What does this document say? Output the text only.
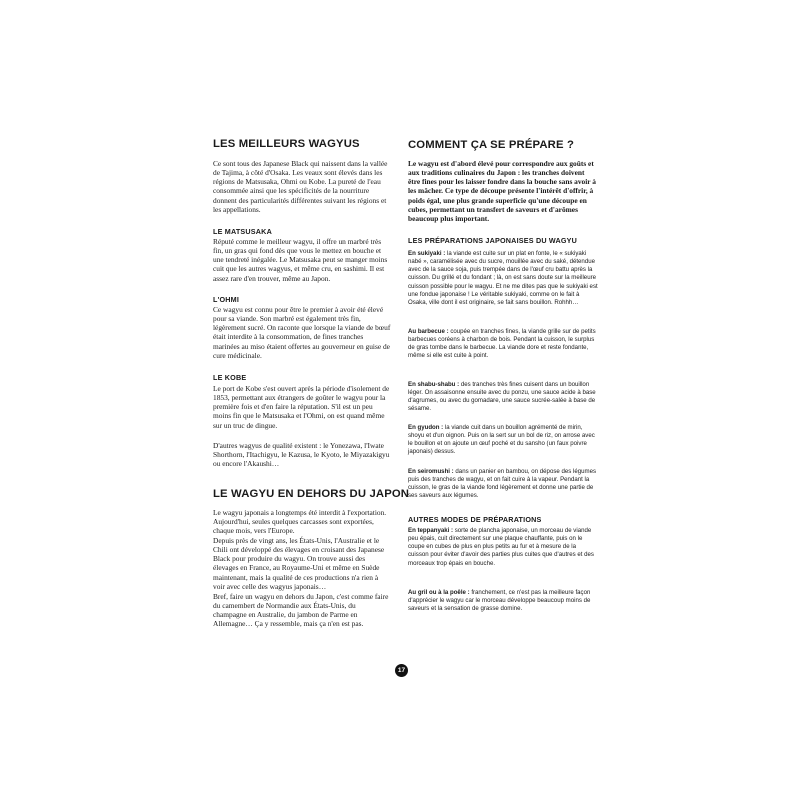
LES MEILLEURS WAGYUS

Ce sont tous des Japanese Black qui naissent dans la vallée de Tajima, à côté d'Osaka. Les veaux sont élevés dans les régions de Matsusaka, Ohmi ou Kobe. La pureté de l'eau consommée ainsi que les spécificités de la nourriture donnent des particularités différentes suivant les régions et les appellations.

LE MATSUSAKA

Réputé comme le meilleur wagyu, il offre un marbré très fin, un gras qui fond dès que vous le mettez en bouche et une tendreté inégalée. Le Matsusaka peut se manger moins cuit que les autres wagyus, et même cru, en sashimi. Il est assez rare d'en trouver, même au Japon.

L'OHMI

Ce wagyu est connu pour être le premier à avoir été élevé pour sa viande. Son marbré est également très fin, légèrement sucré. On raconte que lorsque la viande de bœuf était interdite à la consommation, de fines tranches marinées au miso étaient offertes au gouverneur en guise de cure médicinale.

LE KOBE

Le port de Kobe s'est ouvert après la période d'isolement de 1853, permettant aux étrangers de goûter le wagyu pour la première fois et d'en faire la réputation. S'il est un peu moins fin que le Matsusaka et l'Ohmi, on est quand même sur un truc de dingue.

D'autres wagyus de qualité existent : le Yonezawa, l'Iwate Shorthorn, l'Itachigyu, le Kazusa, le Kyoto, le Miyazakigyu ou encore l'Akaushi…

LE WAGYU EN DEHORS DU JAPON

Le wagyu japonais a longtemps été interdit à l'exportation. Aujourd'hui, seules quelques carcasses sont exportées, chaque mois, vers l'Europe.

Depuis près de vingt ans, les États-Unis, l'Australie et le Chili ont développé des élevages en croisant des Japanese Black pour produire du wagyu. On trouve aussi des élevages en France, au Royaume-Uni et même en Suède maintenant, mais la qualité de ces productions n'a rien à voir avec celle des wagyus japonais…

Bref, faire un wagyu en dehors du Japon, c'est comme faire du camembert de Normandie aux États-Unis, du champagne en Australie, du jambon de Parme en Allemagne… Ça y ressemble, mais ça n'en est pas.

COMMENT ÇA SE PRÉPARE ?

Le wagyu est d'abord élevé pour correspondre aux goûts et aux traditions culinaires du Japon : les tranches doivent être fines pour les laisser fondre dans la bouche sans avoir à les mâcher. Ce type de découpe présente l'intérêt d'offrir, à poids égal, une plus grande superficie qu'une découpe en cubes, permettant un transfert de saveurs et d'arômes beaucoup plus important.

LES PRÉPARATIONS JAPONAISES DU WAGYU

En sukiyaki : la viande est cuite sur un plat en fonte, le « sukiyaki nabé », caramélisée avec du sucre, mouillée avec du saké, détendue avec de la sauce soja, puis trempée dans de l'œuf cru battu après la cuisson. Du grillé et du fondant ; là, on est sans doute sur la meilleure cuisson possible pour le wagyu. Et ne me dites pas que le sukiyaki est une fondue japonaise ! Le véritable sukiyaki, comme on le fait à Osaka, ville dont il est originaire, se fait sans bouillon. Rohhh…

Au barbecue : coupée en tranches fines, la viande grille sur de petits barbecues coréens à charbon de bois. Pendant la cuisson, le surplus de gras tombe dans le barbecue. La viande dore et reste fondante, même si elle est cuite à point.

En shabu-shabu : des tranches très fines cuisent dans un bouillon léger. On assaisonne ensuite avec du ponzu, une sauce acide à base d'agrumes, ou avec du gomadare, une sauce sucrée-salée à base de sésame.

En gyudon : la viande cuit dans un bouillon agrémenté de mirin, shoyu et d'un oignon. Puis on la sert sur un bol de riz, on arrose avec le bouillon et on ajoute un œuf poché et du sansho (un faux poivre japonais) dessus.

En seiromushi : dans un panier en bambou, on dépose des légumes puis des tranches de wagyu, et on fait cuire à la vapeur. Pendant la cuisson, le gras de la viande fond légèrement et donne une partie de ses saveurs aux légumes.

AUTRES MODES DE PRÉPARATIONS

En teppanyaki : sorte de plancha japonaise, un morceau de viande peu épais, cuit directement sur une plaque chauffante, puis on le coupe en cubes de plus en plus petits au fur et à mesure de la cuisson pour éviter d'avoir des parties plus cuites que d'autres et des morceaux trop épais en bouche.

Au gril ou à la poêle : franchement, ce n'est pas la meilleure façon d'apprécier le wagyu car le morceau développe beaucoup moins de saveurs et la sensation de grasse domine.

17
